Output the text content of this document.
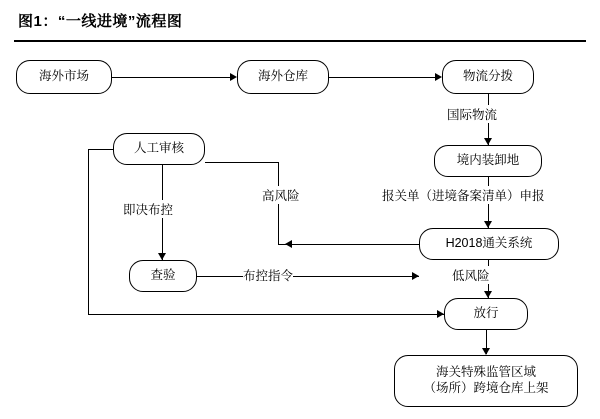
图1：“一线进境”流程图
海外市场	海外仓库	物流分拨
国际物流
境内装卸地
报关单（进境备案清单）申报
H2018通关系统
低风险
放行
海关特殊监管区域
（场所）跨境仓库上架
高风险
人工审核
即决布控
查验	布控指令
